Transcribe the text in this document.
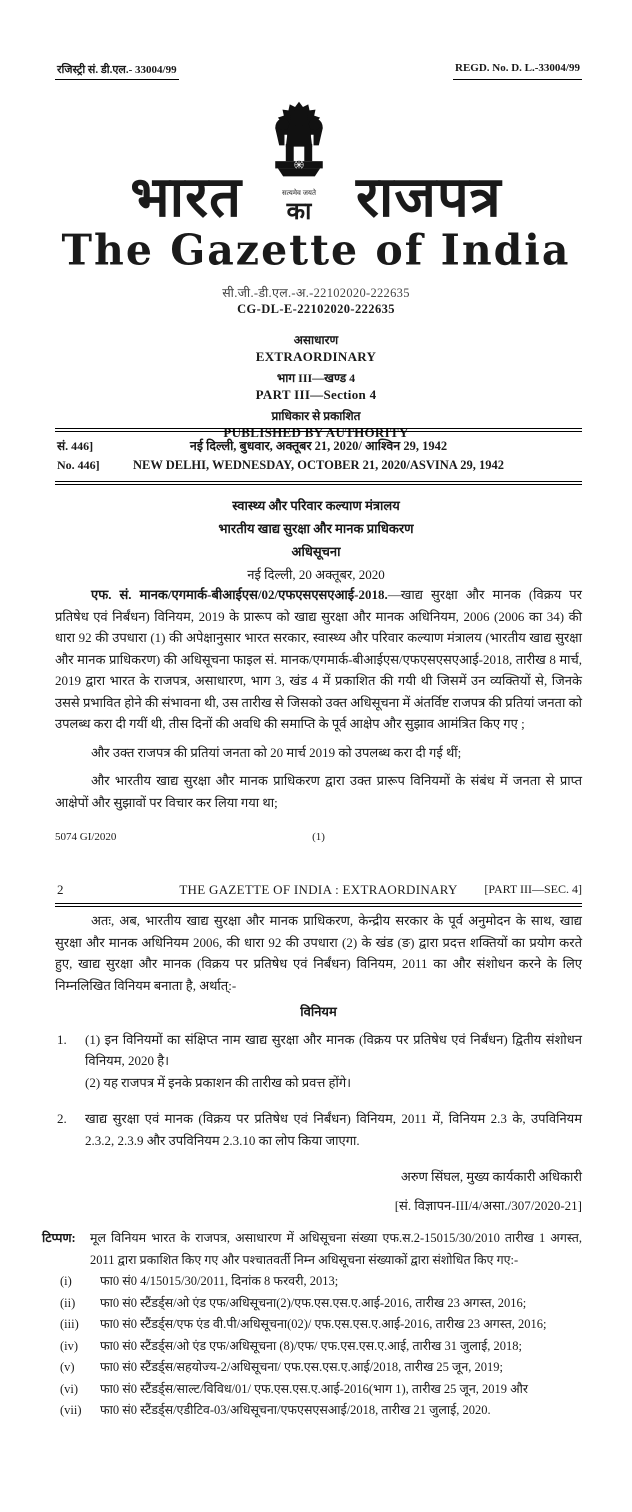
रजिस्ट्री सं. डी.एल.- 33004/99	REGD. No. D. L.-33004/99
भारत	सत्यमेव जयते
का राजपत्र
The Gazette of India
सी.जी.-डी.एल.-अ.-22102020-222635
CG-DL-E-22102020-222635
असाधारण
EXTRAORDINARY
भाग III—खण्ड 4
PART III—Section 4
प्राधिकार से प्रकाशित
PUBLISHED BY AUTHORITY
सं. 446]
No. 446]
नई दिल्ली, बुधवार, अक्तूबर 21, 2020/ आश्विन 29, 1942
NEW DELHI, WEDNESDAY, OCTOBER 21, 2020/ASVINA 29, 1942
स्वास्थ्य और परिवार कल्याण मंत्रालय
भारतीय खाद्य सुरक्षा और मानक प्राधिकरण
अधिसूचना
नई दिल्ली, 20 अक्तूबर, 2020

एफ. सं. मानक/एगमार्क-बीआईएस/02/एफएसएसएआई-2018.—खाद्य सुरक्षा और मानक (विक्रय पर प्रतिषेध एवं निर्बंधन) विनियम, 2019 के प्रारूप को खाद्य सुरक्षा और मानक अधिनियम, 2006 (2006 का 34) की धारा 92 की उपधारा (1) की अपेक्षानुसार भारत सरकार, स्वास्थ्य और परिवार कल्याण मंत्रालय (भारतीय खाद्य सुरक्षा और मानक प्राधिकरण) की अधिसूचना फाइल सं. मानक/एगमार्क-बीआईएस/एफएसएसएआई-2018, तारीख 8 मार्च, 2019 द्वारा भारत के राजपत्र, असाधारण, भाग 3, खंड 4 में प्रकाशित की गयी थी जिसमें उन व्यक्तियों से, जिनके उससे प्रभावित होने की संभावना थी, उस तारीख से जिसको उक्त अधिसूचना में अंतर्विष्ट राजपत्र की प्रतियां जनता को उपलब्ध करा दी गयीं थी, तीस दिनों की अवधि की समाप्ति के पूर्व आक्षेप और सुझाव आमंत्रित किए गए ;

और उक्त राजपत्र की प्रतियां जनता को 20 मार्च 2019 को उपलब्ध करा दी गई थीं;

और भारतीय खाद्य सुरक्षा और मानक प्राधिकरण द्वारा उक्त प्रारूप विनियमों के संबंध में जनता से प्राप्त आक्षेपों और सुझावों पर विचार कर लिया गया था;

5074 GI/2020	(1)
2	THE GAZETTE OF INDIA : EXTRAORDINARY	[PART III—SEC. 4]

अतः, अब, भारतीय खाद्य सुरक्षा और मानक प्राधिकरण, केन्द्रीय सरकार के पूर्व अनुमोदन के साथ, खाद्य सुरक्षा और मानक अधिनियम 2006, की धारा 92 की उपधारा (2) के खंड (ङ) द्वारा प्रदत्त शक्तियों का प्रयोग करते हुए, खाद्य सुरक्षा और मानक (विक्रय पर प्रतिषेध एवं निर्बंधन) विनियम, 2011 का और संशोधन करने के लिए निम्नलिखित विनियम बनाता है, अर्थात्:-

विनियम
1. (1) इन विनियमों का संक्षिप्त नाम खाद्य सुरक्षा और मानक (विक्रय पर प्रतिषेध एवं निर्बंधन) द्वितीय संशोधन विनियम, 2020 है।
(2) यह राजपत्र में इनके प्रकाशन की तारीख को प्रवत्त होंगे।
2. खाद्य सुरक्षा एवं मानक (विक्रय पर प्रतिषेध एवं निर्बंधन) विनियम, 2011 में, विनियम 2.3 के, उपविनियम 2.3.2, 2.3.9 और उपविनियम 2.3.10 का लोप किया जाएगा.
अरुण सिंघल, मुख्य कार्यकारी अधिकारी
[सं. विज्ञापन-III/4/असा./307/2020-21]
टिप्पण: मूल विनियम भारत के राजपत्र, असाधारण में अधिसूचना संख्या एफ.स.2-15015/30/2010 तारीख 1 अगस्त, 2011 द्वारा प्रकाशित किए गए और पश्चातवर्ती निम्न अधिसूचना संख्याकों द्वारा संशोधित किए गए:-
(i) फा0 सं0 4/15015/30/2011, दिनांक 8 फरवरी, 2013;
(ii) फा0 सं0 स्टैंडर्ड्स/ओ एंड एफ/अधिसूचना(2)/एफ.एस.एस.ए.आई-2016, तारीख 23 अगस्त, 2016;
(iii) फा0 सं0 स्टैंडर्ड्स/एफ एंड वी.पी/अधिसूचना(02)/ एफ.एस.एस.ए.आई-2016, तारीख 23 अगस्त, 2016;
(iv) फा0 सं0 स्टैंडर्ड्स/ओ एंड एफ/अधिसूचना (8)/एफ/ एफ.एस.एस.ए.आई, तारीख 31 जुलाई, 2018;
(v) फा0 सं0 स्टैंडर्ड्स/सहयोज्य-2/अधिसूचना/ एफ.एस.एस.ए.आई/2018, तारीख 25 जून, 2019;
(vi) फा0 सं0 स्टैंडर्ड्स/साल्ट/विविध/01/ एफ.एस.एस.ए.आई-2016(भाग 1), तारीख 25 जून, 2019 और
(vii) फा0 सं0 स्टैंडर्ड्स/एडीटिव-03/अधिसूचना/एफएसएसआई/2018, तारीख 21 जुलाई, 2020.
